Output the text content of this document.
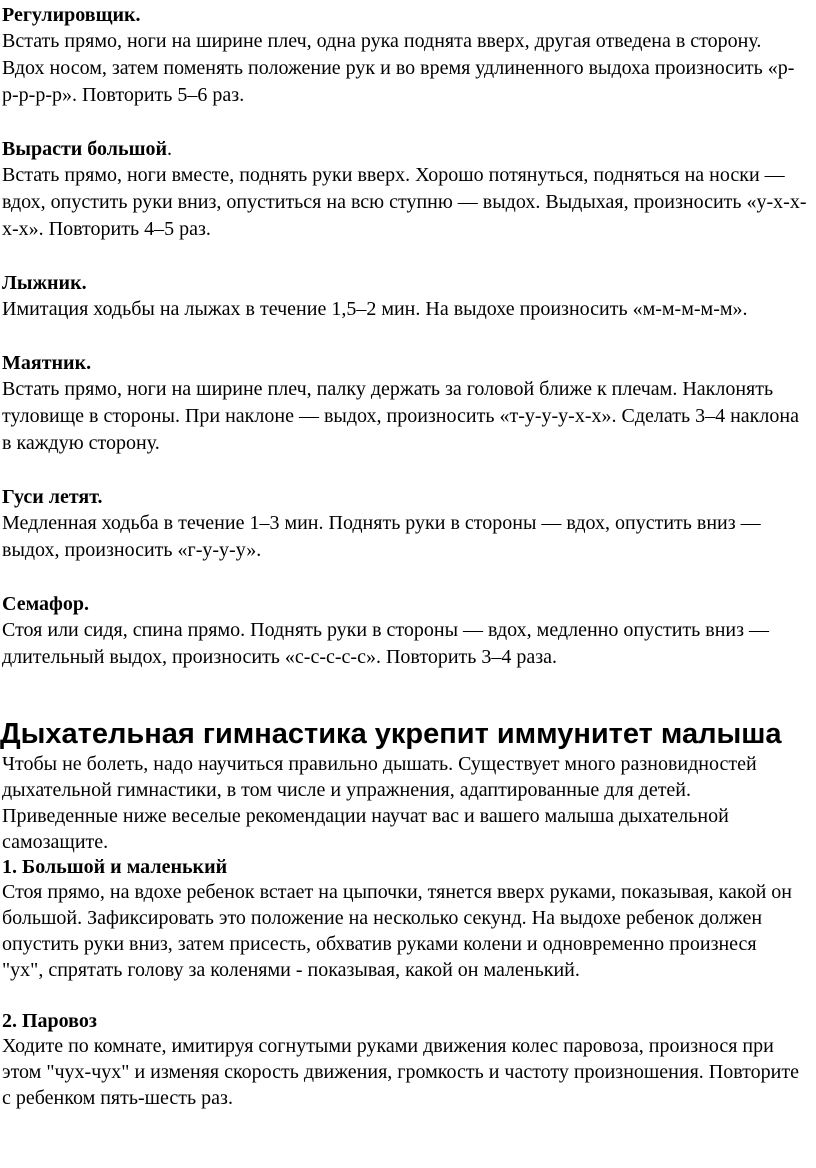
Регулировщик.

Встать прямо, ноги на ширине плеч, одна рука поднята вверх, другая отведена в сторону. Вдох носом, затем поменять положение рук и во время удлиненного выдоха произносить «р-р-р-р-р». Повторить 5–6 раз.

Вырасти большой.

Встать прямо, ноги вместе, поднять руки вверх. Хорошо потянуться, подняться на носки — вдох, опустить руки вниз, опуститься на всю ступню — выдох. Выдыхая, произносить «у-х-х-х-х». Повторить 4–5 раз.

Лыжник.

Имитация ходьбы на лыжах в течение 1,5–2 мин. На выдохе произносить «м-м-м-м-м».

Маятник.

Встать прямо, ноги на ширине плеч, палку держать за головой ближе к плечам. Наклонять туловище в стороны. При наклоне — выдох, произносить «т-у-у-у-х-х». Сделать 3–4 наклона в каждую сторону.

Гуси летят.

Медленная ходьба в течение 1–3 мин. Поднять руки в стороны — вдох, опустить вниз — выдох, произносить «г-у-у-у».

Семафор.

Стоя или сидя, спина прямо. Поднять руки в стороны — вдох, медленно опустить вниз — длительный выдох, произносить «с-с-с-с-с». Повторить 3–4 раза.

Дыхательная гимнастика укрепит иммунитет малыша

Чтобы не болеть, надо научиться правильно дышать. Существует много разновидностей дыхательной гимнастики, в том числе и упражнения, адаптированные для детей. Приведенные ниже веселые рекомендации научат вас и вашего малыша дыхательной самозащите.

1. Большой и маленький

Стоя прямо, на вдохе ребенок встает на цыпочки, тянется вверх руками, показывая, какой он большой. Зафиксировать это положение на несколько секунд. На выдохе ребенок должен опустить руки вниз, затем присесть, обхватив руками колени и одновременно произнеся "ух", спрятать голову за коленями - показывая, какой он маленький.

2. Паровоз

Ходите по комнате, имитируя согнутыми руками движения колес паровоза, произнося при этом "чух-чух" и изменяя скорость движения, громкость и частоту произношения. Повторите с ребенком пять-шесть раз.
